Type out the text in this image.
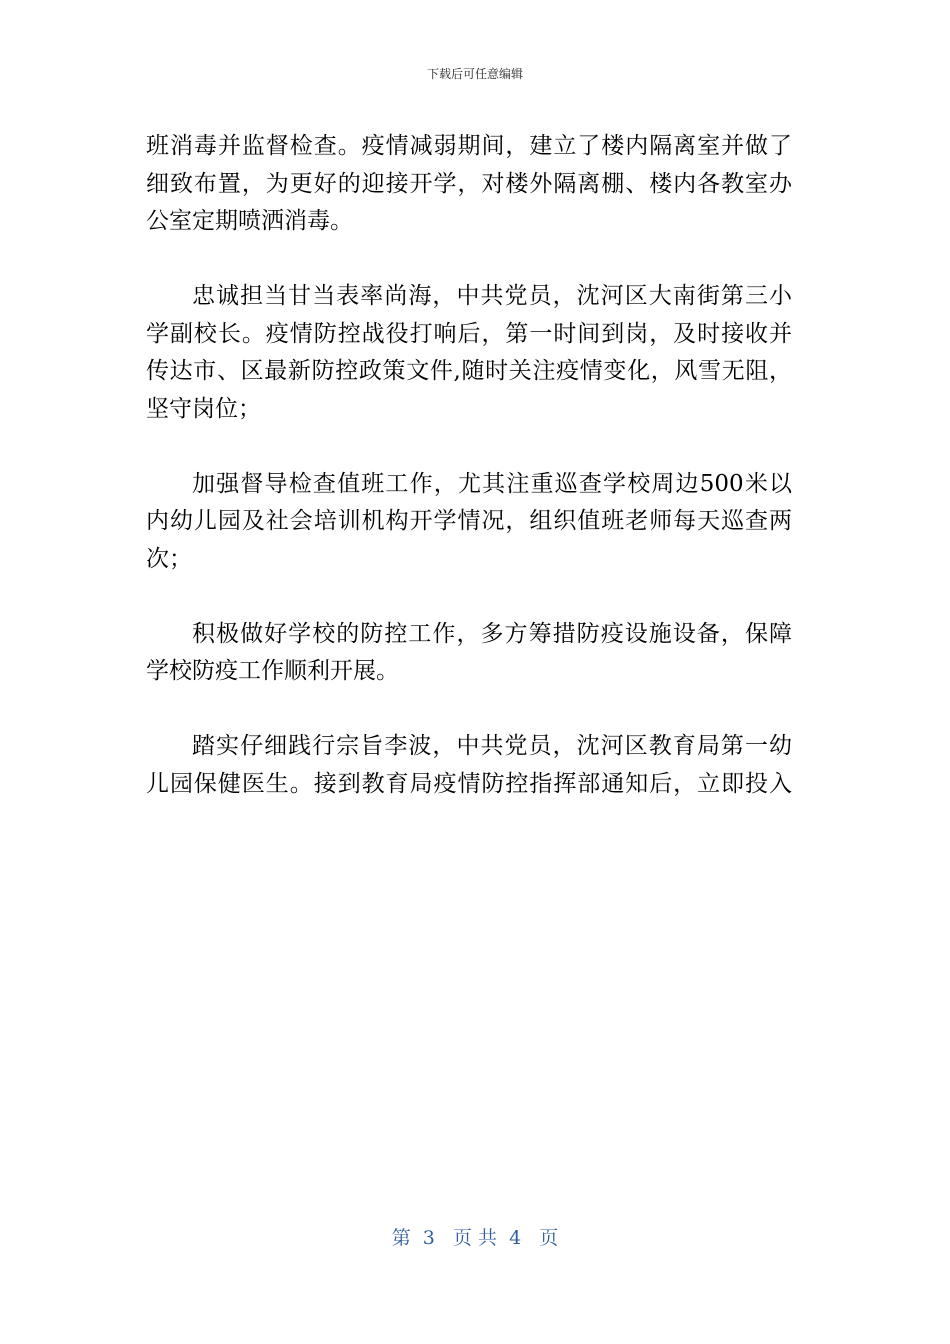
下载后可任意编辑
班消毒并监督检查。疫情减弱期间，建立了楼内隔离室并做了
细致布置，为更好的迎接开学，对楼外隔离棚、楼内各教室办
公室定期喷洒消毒。
忠诚担当甘当表率尚海，中共党员，沈河区大南街第三小
学副校长。疫情防控战役打响后，第一时间到岗，及时接收并
传达市、区最新防控政策文件,随时关注疫情变化，风雪无阻，
坚守岗位；
加强督导检查值班工作，尤其注重巡查学校周边500米以
内幼儿园及社会培训机构开学情况，组织值班老师每天巡查两
次；
积极做好学校的防控工作，多方筹措防疫设施设备，保障
学校防疫工作顺利开展。
踏实仔细践行宗旨李波，中共党员，沈河区教育局第一幼
儿园保健医生。接到教育局疫情防控指挥部通知后，立即投入
第  3   页 共  4   页
